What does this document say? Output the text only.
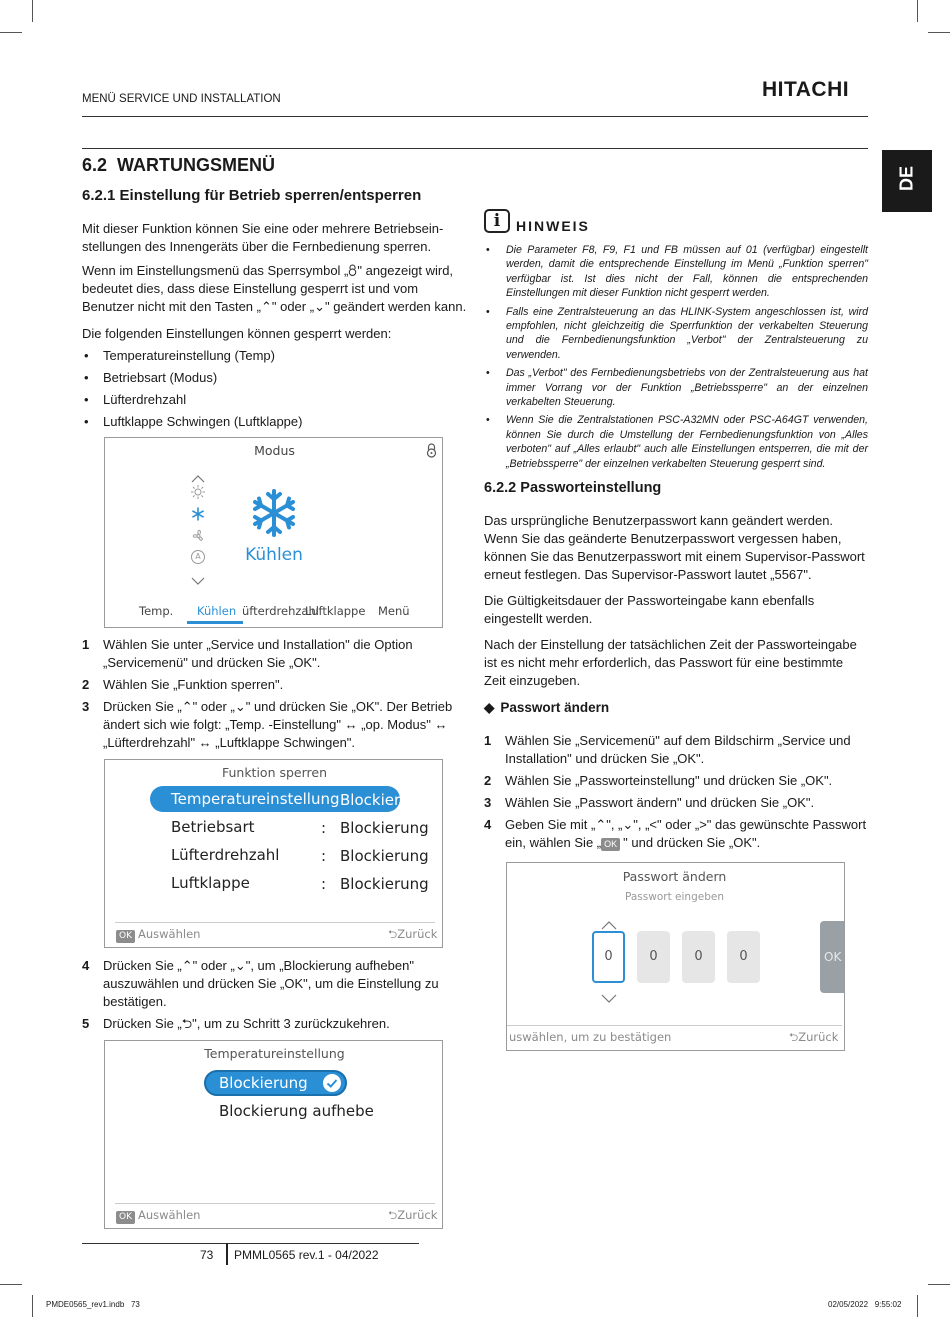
MENÜ SERVICE UND INSTALLATION	HITACHI
DE
6.2 WARTUNGSMENÜ
6.2.1 Einstellung für Betrieb sperren/entsperren
Mit dieser Funktion können Sie eine oder mehrere Betriebsein-stellungen des Innengeräts über die Fernbedienung sperren.
Wenn im Einstellungsmenü das Sperrsymbol „ " angezeigt wird, bedeutet dies, dass diese Einstellung gesperrt ist und vom Benutzer nicht mit den Tasten „⌃" oder „⌄" geändert werden kann.
Die folgenden Einstellungen können gesperrt werden:
• Temperatureinstellung (Temp)
• Betriebsart (Modus)
• Lüfterdrehzahl
• Luftklappe Schwingen (Luftklappe)
Modus
A	Kühlen
Temp. Kühlen üfterdrehzahl
Luftklappe Menü
1 Wählen Sie unter „Service und Installation" die Option „Servicemenü" und drücken Sie „OK".
2 Wählen Sie „Funktion sperren".
3 Drücken Sie „⌃" oder „⌄" und drücken Sie „OK". Der Betrieb ändert sich wie folgt: „Temp. -Einstellung" ↔ „op. Modus" ↔ „Lüfterdrehzahl" ↔ „Luftklappe Schwingen".
Funktion sperren
Temperatureinstellung Blockier
Betriebsart	: Blockierung
Lüfterdrehzahl	: Blockierung
Luftklappe	: Blockierung
OK Auswählen	⮌Zurück
4 Drücken Sie „⌃" oder „⌄", um „Blockierung aufheben" auszuwählen und drücken Sie „OK", um die Einstellung zu bestätigen.
5 Drücken Sie „⮌", um zu Schritt 3 zurückzukehren.
Temperatureinstellung
Blockierung
Blockierung aufhebe
OK Auswählen	⮌Zurück
i	HINWEIS
• Die Parameter F8, F9, F1 und FB müssen auf 01 (verfügbar) eingestellt werden, damit die entsprechende Einstellung im Menü „Funktion sperren" verfügbar ist. Ist dies nicht der Fall, können die entsprechenden Einstellungen mit dieser Funktion nicht gesperrt werden.
• Falls eine Zentralsteuerung an das HLINK-System angeschlossen ist, wird empfohlen, nicht gleichzeitig die Sperrfunktion der verkabelten Steuerung und die Fernbedienungsfunktion „Verbot" der Zentralsteuerung zu verwenden.
• Das „Verbot" des Fernbedienungsbetriebs von der Zentralsteuerung aus hat immer Vorrang vor der Funktion „Betriebssperre" an der einzelnen verkabelten Steuerung.
• Wenn Sie die Zentralstationen PSC-A32MN oder PSC-A64GT verwenden, können Sie durch die Umstellung der Fernbedienungsfunktion von „Alles verboten" auf „Alles erlaubt" auch alle Einstellungen entsperren, die mit der „Betriebssperre" der einzelnen verkabelten Steuerung gesperrt sind.
6.2.2 Passworteinstellung
Das ursprüngliche Benutzerpasswort kann geändert werden. Wenn Sie das geänderte Benutzerpasswort vergessen haben, können Sie das Benutzerpasswort mit einem Supervisor-Passwort erneut festlegen. Das Supervisor-Passwort lautet „5567".
Die Gültigkeitsdauer der Passworteingabe kann ebenfalls eingestellt werden.
Nach der Einstellung der tatsächlichen Zeit der Passworteingabe ist es nicht mehr erforderlich, das Passwort für eine bestimmte Zeit einzugeben.
◆ Passwort ändern
1 Wählen Sie „Servicemenü" auf dem Bildschirm „Service und Installation" und drücken Sie „OK".
2 Wählen Sie „Passworteinstellung" und drücken Sie „OK".
3 Wählen Sie „Passwort ändern" und drücken Sie „OK".
4 Geben Sie mit „⌃", „⌄", „<" oder „>" das gewünschte Passwort ein, wählen Sie „ OK " und drücken Sie „OK".
Passwort ändern
Passwort eingeben
0	0	0	0	OK
uswählen, um zu bestätigen	⮌Zurück
73 PMML0565 rev.1 - 04/2022
PMDE0565_rev1.indb   73	02/05/2022   9:55:02
